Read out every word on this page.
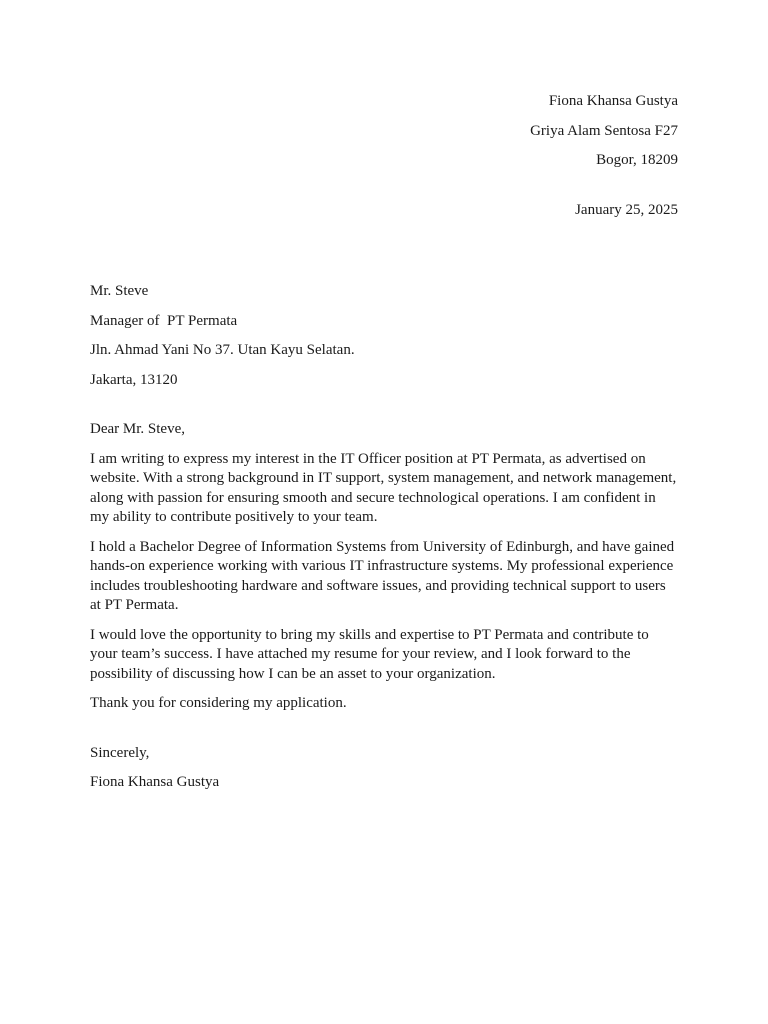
Fiona Khansa Gustya
Griya Alam Sentosa F27
Bogor, 18209
January 25, 2025
Mr. Steve
Manager of  PT Permata
Jln. Ahmad Yani No 37. Utan Kayu Selatan.
Jakarta, 13120
Dear Mr. Steve,

I am writing to express my interest in the IT Officer position at PT Permata, as advertised on website. With a strong background in IT support, system management, and network management, along with passion for ensuring smooth and secure technological operations. I am confident in my ability to contribute positively to your team.

I hold a Bachelor Degree of Information Systems from University of Edinburgh, and have gained hands-on experience working with various IT infrastructure systems. My professional experience includes troubleshooting hardware and software issues, and providing technical support to users at PT Permata.

I would love the opportunity to bring my skills and expertise to PT Permata and contribute to your team’s success. I have attached my resume for your review, and I look forward to the possibility of discussing how I can be an asset to your organization.

Thank you for considering my application.

Sincerely,
Fiona Khansa Gustya
